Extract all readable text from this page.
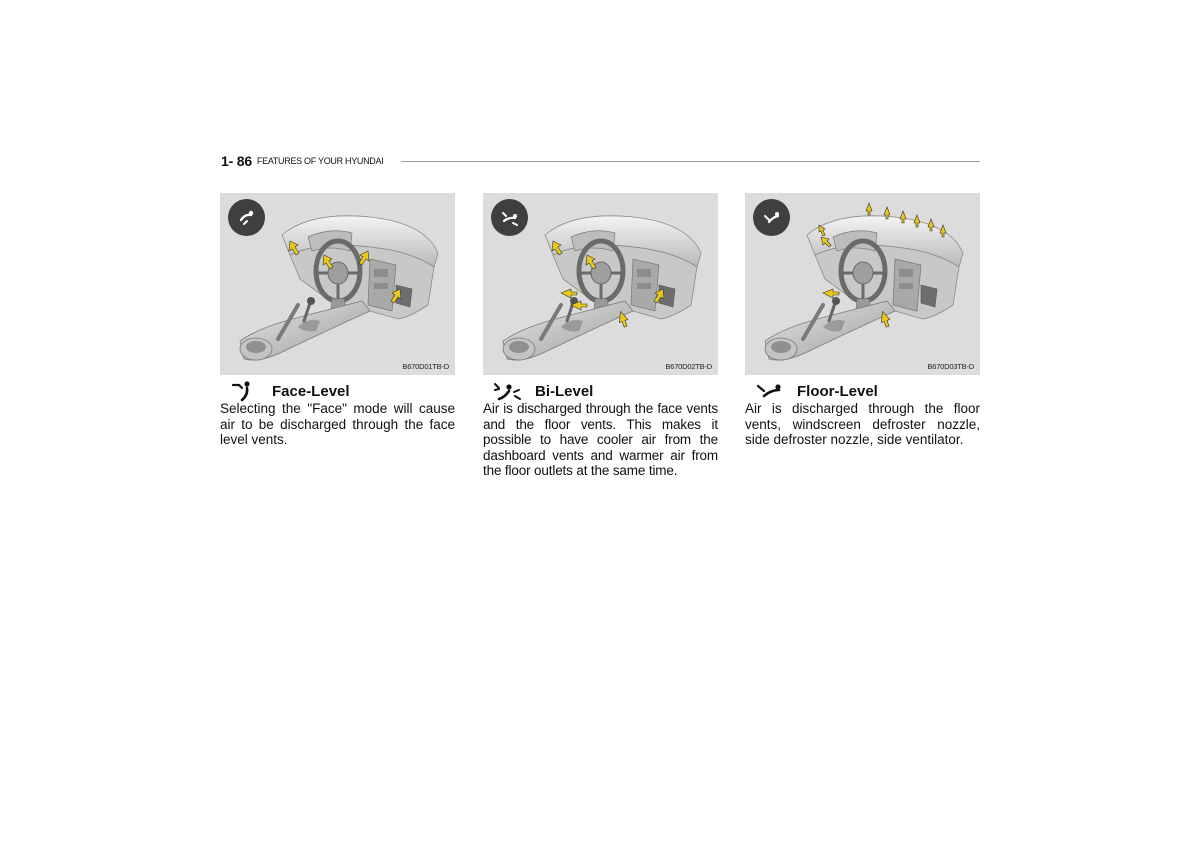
1- 86 FEATURES OF YOUR HYUNDAI
B670D01TB-D
Face-Level

Selecting the "Face" mode will cause air to be discharged through the face level vents.

B670D02TB-D
Bi-Level

Air is discharged through the face vents and the floor vents. This makes it possible to have cooler air from the dashboard vents and warmer air from the floor outlets at the same time.

B670D03TB-D
Floor-Level

Air is discharged through the floor vents, windscreen defroster nozzle, side defroster nozzle, side ventilator.
